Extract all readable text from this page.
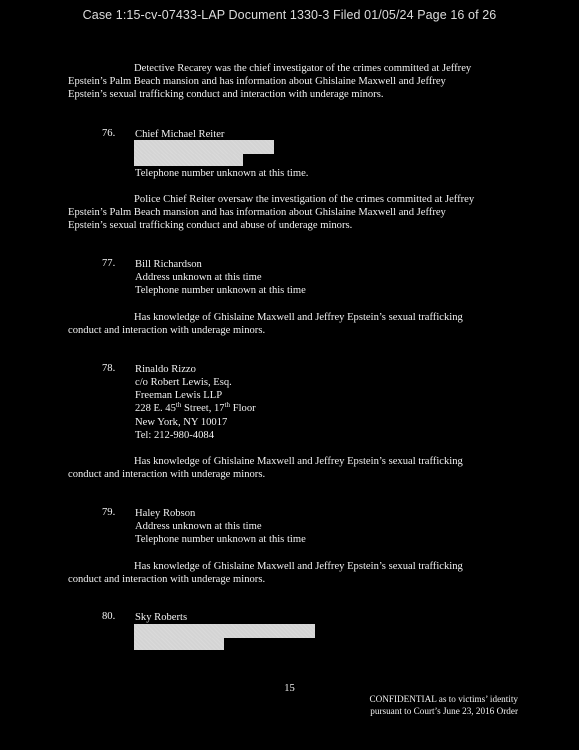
Case 1:15-cv-07433-LAP Document 1330-3 Filed 01/05/24 Page 16 of 26
Detective Recarey was the chief investigator of the crimes committed at Jeffrey
Epstein’s Palm Beach mansion and has information about Ghislaine Maxwell and Jeffrey
Epstein’s sexual trafficking conduct and interaction with underage minors.
76. Chief Michael Reiter
Telephone number unknown at this time.
Police Chief Reiter oversaw the investigation of the crimes committed at Jeffrey
Epstein’s Palm Beach mansion and has information about Ghislaine Maxwell and Jeffrey
Epstein’s sexual trafficking conduct and abuse of underage minors.
77. Bill Richardson
Address unknown at this time
Telephone number unknown at this time
Has knowledge of Ghislaine Maxwell and Jeffrey Epstein’s sexual trafficking
conduct and interaction with underage minors.
78. Rinaldo Rizzo
c/o Robert Lewis, Esq.
Freeman Lewis LLP
228 E. 45th Street, 17th Floor
New York, NY 10017
Tel: 212-980-4084
Has knowledge of Ghislaine Maxwell and Jeffrey Epstein’s sexual trafficking
conduct and interaction with underage minors.
79. Haley Robson
Address unknown at this time
Telephone number unknown at this time
Has knowledge of Ghislaine Maxwell and Jeffrey Epstein’s sexual trafficking
conduct and interaction with underage minors.
80. Sky Roberts
15
CONFIDENTIAL as to victims’ identity
pursuant to Court’s June 23, 2016 Order
